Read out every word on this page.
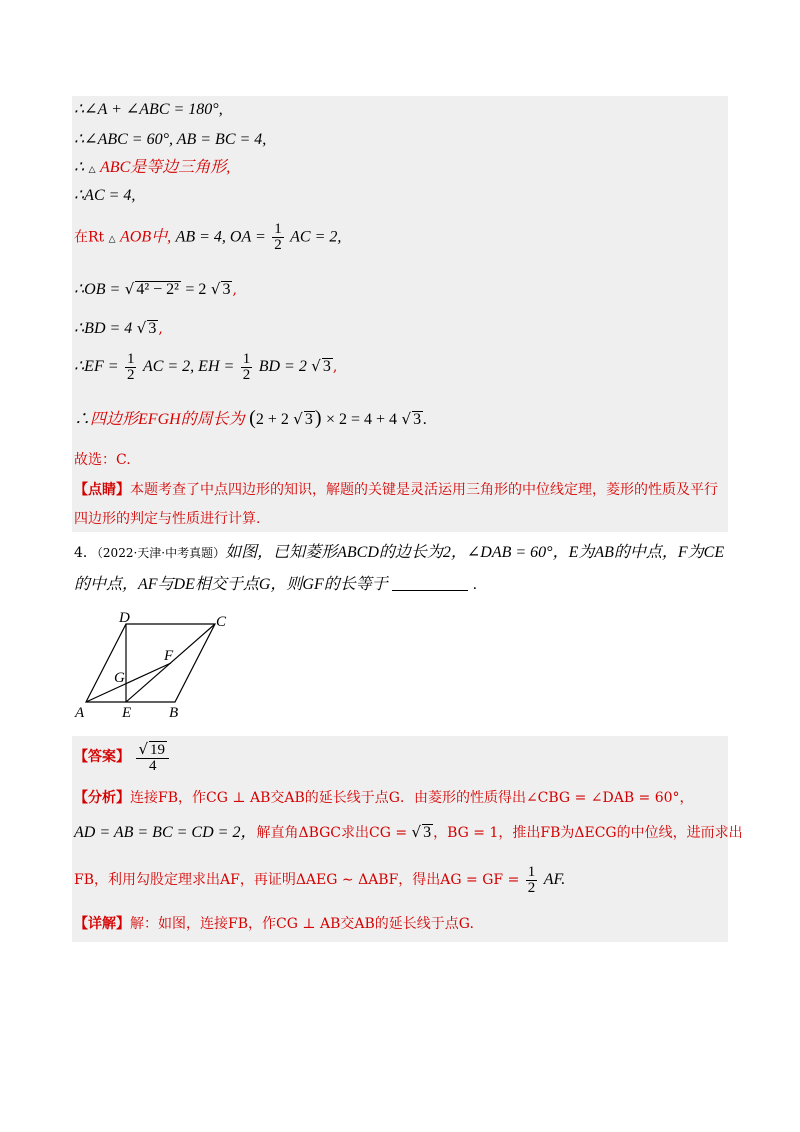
∴∠A + ∠ABC = 180°,
∴∠ABC = 60°, AB = BC = 4,
∴ △ ABC是等边三角形,
∴AC = 4,
在Rt △ AOB中, AB = 4, OA = $\frac{1}{2}$ AC = 2,
∴OB = √ 4² − 2² = 2 √ 3 ,
∴BD = 4 √ 3 ,
∴EF = $\frac{1}{2}$ AC = 2, EH = $\frac{1}{2}$ BD = 2 √ 3 ,
∴四边形EFGH的周长为 (2 + 2 √ 3 ) × 2 = 4 + 4 √ 3 .
故选：C.
【点睛】本题考查了中点四边形的知识，解题的关键是灵活运用三角形的中位线定理，菱形的性质及平行
四边形的判定与性质进行计算.
4．（2022·天津·中考真题）如图，已知菱形ABCD的边长为2，∠DAB = 60°，E为AB的中点，F为CE
的中点，AF与DE相交于点G，则GF的长等于	.
D	C
F
G
A	E	B
【答案】 $\frac{√ 19}{4}$
【分析】连接FB，作CG ⊥ AB交AB的延长线于点G．由菱形的性质得出∠CBG = ∠DAB = 60°，
AD = AB = BC = CD = 2，解直角ΔBGC求出CG = √ 3 ，BG = 1，推出FB为ΔECG的中位线，进而求出
FB，利用勾股定理求出AF，再证明ΔAEG ∼ ΔABF，得出AG = GF = $\frac{1}{2}$ AF.
【详解】解：如图，连接FB，作CG ⊥ AB交AB的延长线于点G.
